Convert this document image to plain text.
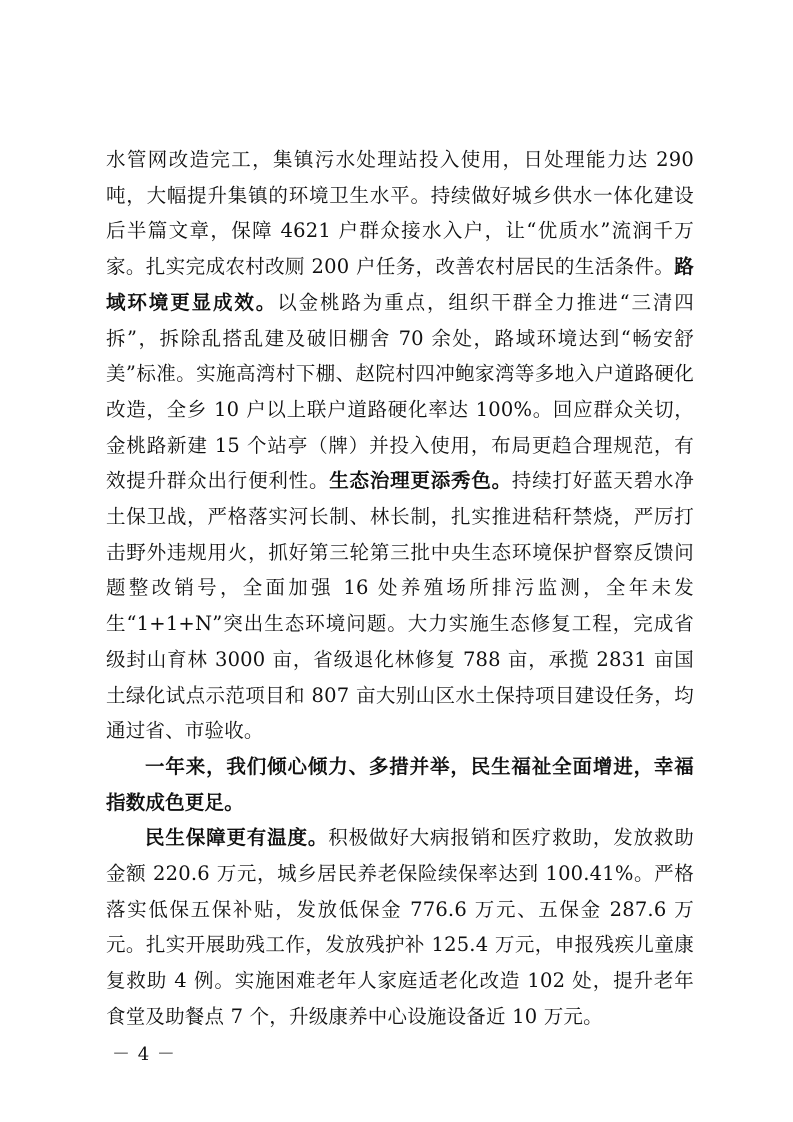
水管网改造完工，集镇污水处理站投入使用，日处理能力达 290 吨，大幅提升集镇的环境卫生水平。持续做好城乡供水一体化建设后半篇文章，保障 4621 户群众接水入户，让“优质水”流润千万家。扎实完成农村改厕 200 户任务，改善农村居民的生活条件。路域环境更显成效。以金桃路为重点，组织干群全力推进“三清四拆”，拆除乱搭乱建及破旧棚舍 70 余处，路域环境达到“畅安舒美”标准。实施高湾村下棚、赵院村四冲鲍家湾等多地入户道路硬化改造，全乡 10 户以上联户道路硬化率达 100%。回应群众关切，金桃路新建 15 个站亭（牌）并投入使用，布局更趋合理规范，有效提升群众出行便利性。生态治理更添秀色。持续打好蓝天碧水净土保卫战，严格落实河长制、林长制，扎实推进秸秆禁烧，严厉打击野外违规用火，抓好第三轮第三批中央生态环境保护督察反馈问题整改销号，全面加强 16 处养殖场所排污监测，全年未发生“1+1+N”突出生态环境问题。大力实施生态修复工程，完成省级封山育林 3000 亩，省级退化林修复 788 亩，承揽 2831 亩国土绿化试点示范项目和 807 亩大别山区水土保持项目建设任务，均通过省、市验收。

一年来，我们倾心倾力、多措并举，民生福祉全面增进，幸福指数成色更足。

民生保障更有温度。积极做好大病报销和医疗救助，发放救助金额 220.6 万元，城乡居民养老保险续保率达到 100.41%。严格落实低保五保补贴，发放低保金 776.6 万元、五保金 287.6 万元。扎实开展助残工作，发放残护补 125.4 万元，申报残疾儿童康复救助 4 例。实施困难老年人家庭适老化改造 102 处，提升老年食堂及助餐点 7 个，升级康养中心设施设备近 10 万元。

－ 4 －
